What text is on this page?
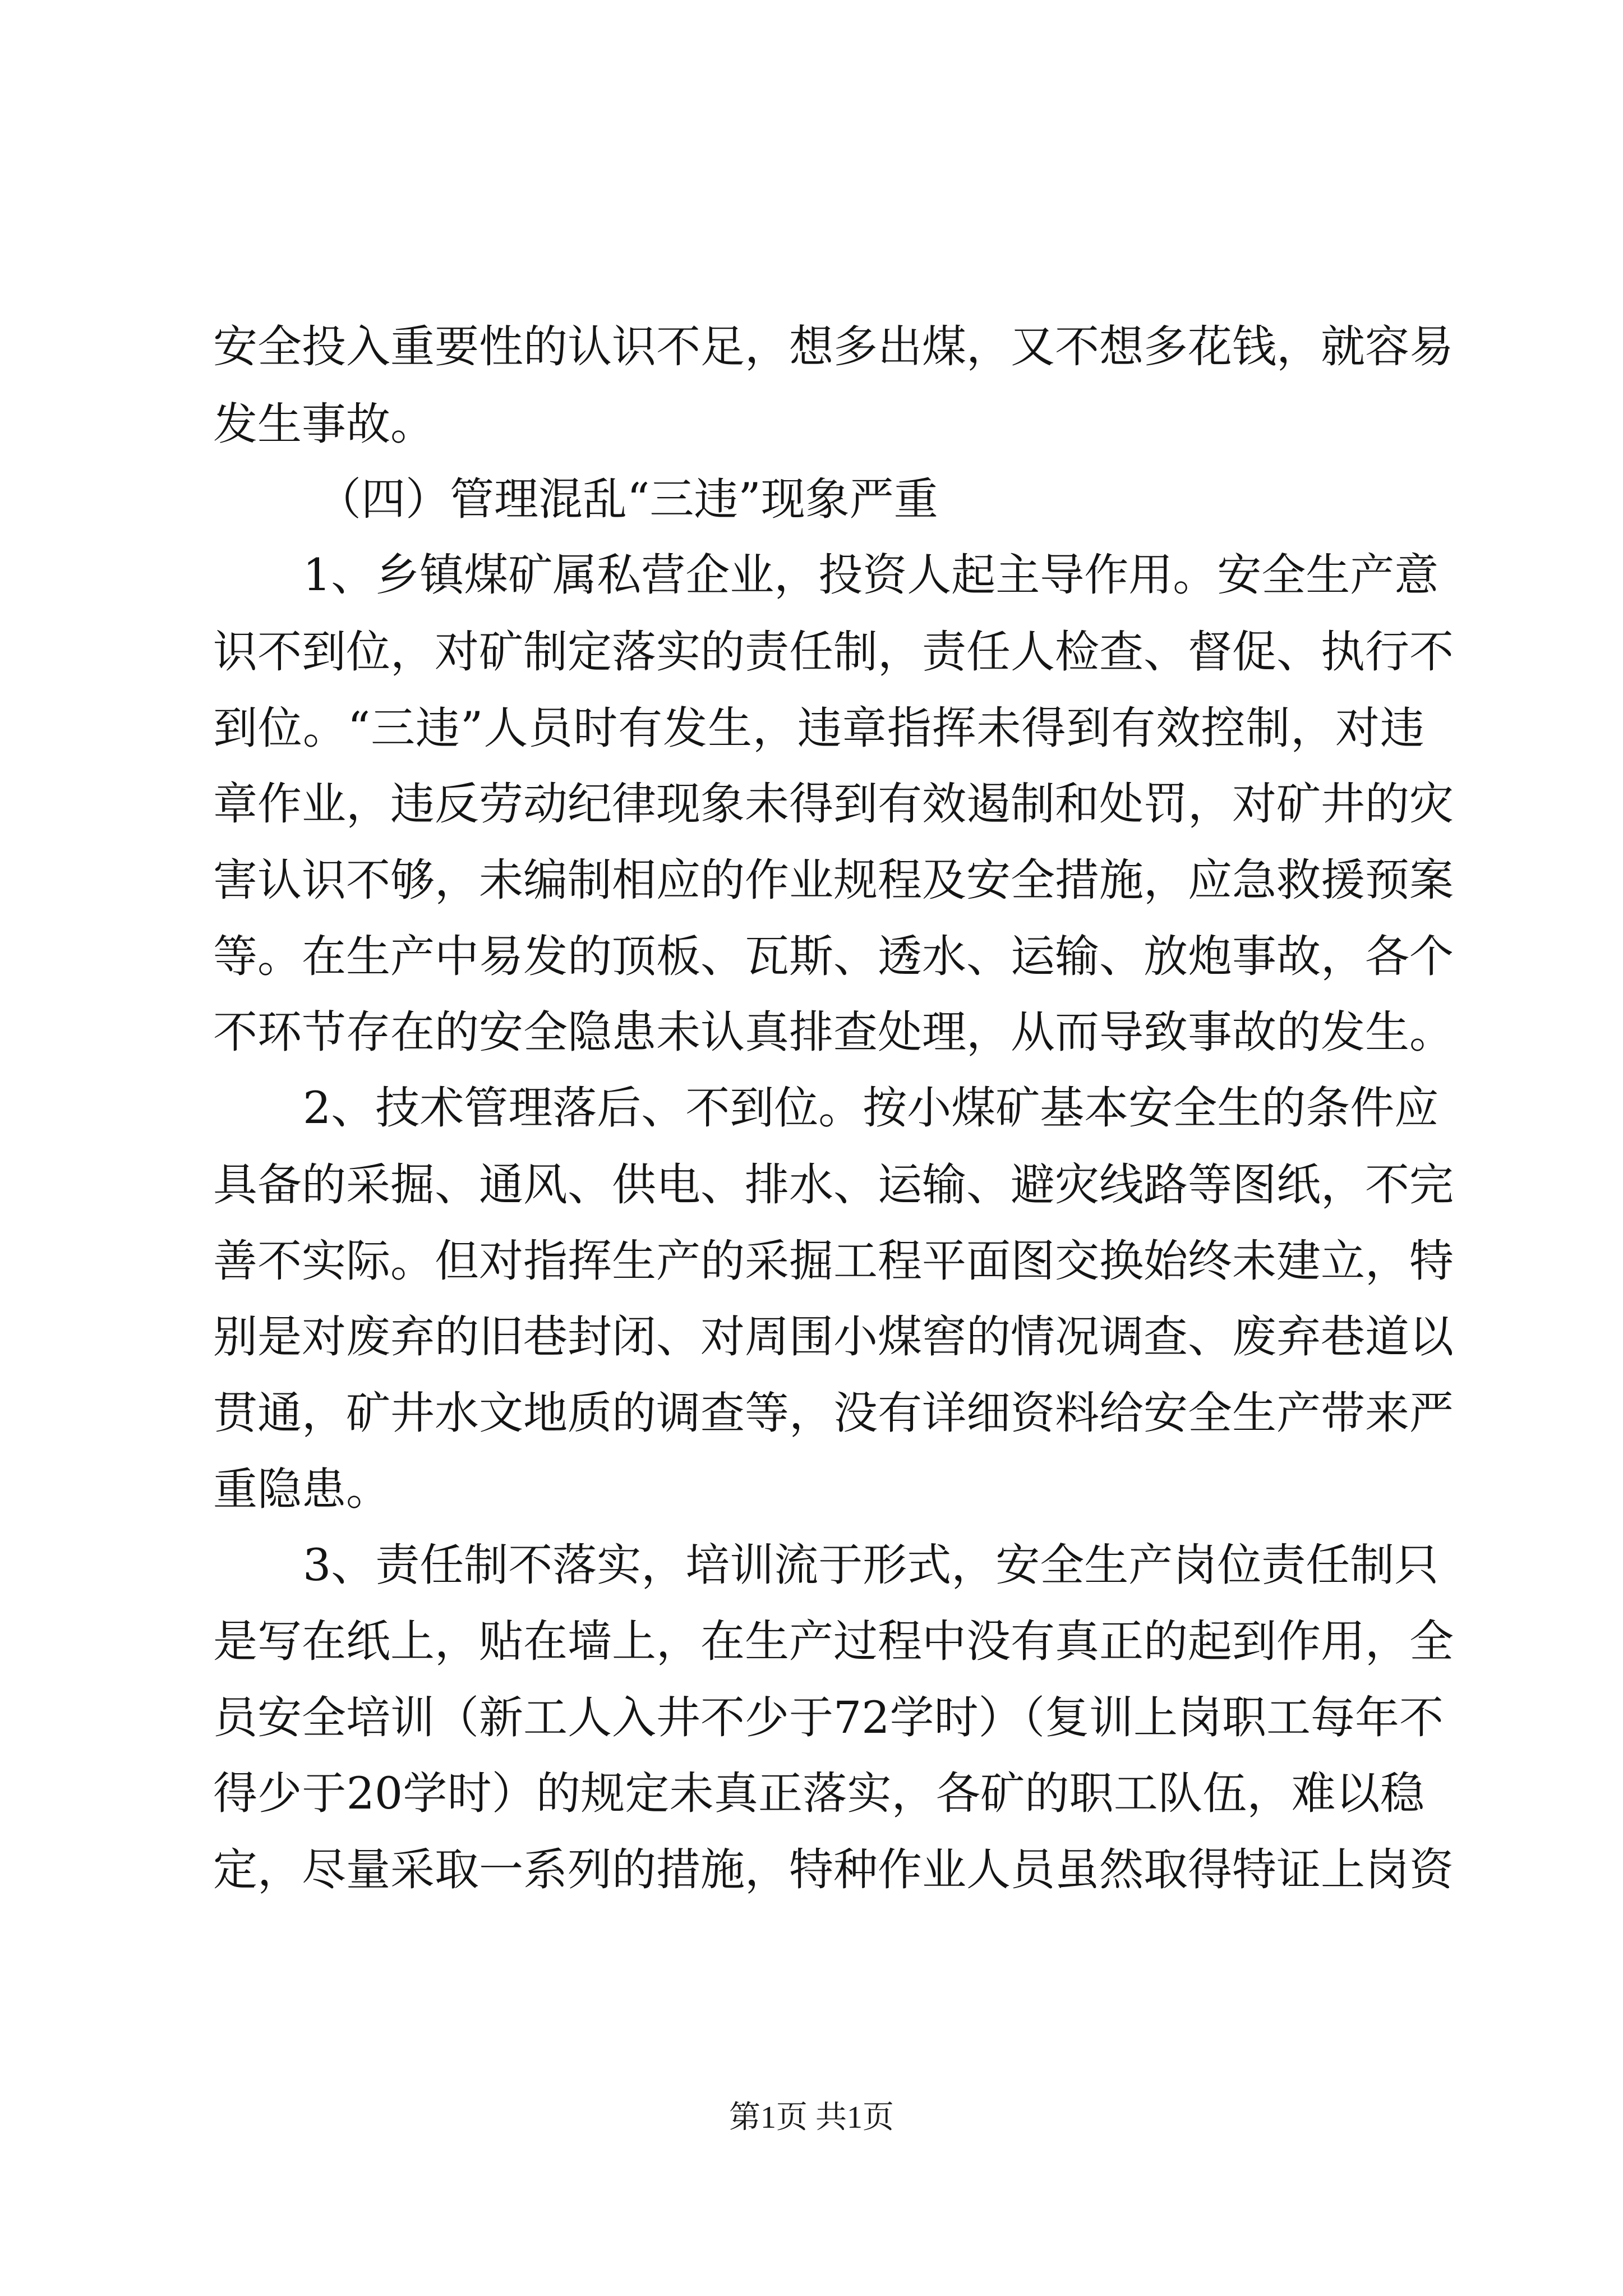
安全投入重要性的认识不足，想多出煤，又不想多花钱，就容易
发生事故。
（四）管理混乱“三违”现象严重
1、乡镇煤矿属私营企业，投资人起主导作用。安全生产意
识不到位，对矿制定落实的责任制，责任人检查、督促、执行不
到位。“三违”人员时有发生，违章指挥未得到有效控制，对违
章作业，违反劳动纪律现象未得到有效遏制和处罚，对矿井的灾
害认识不够，未编制相应的作业规程及安全措施，应急救援预案
等。在生产中易发的顶板、瓦斯、透水、运输、放炮事故，各个
不环节存在的安全隐患未认真排查处理，从而导致事故的发生。
2、技术管理落后、不到位。按小煤矿基本安全生的条件应
具备的采掘、通风、供电、排水、运输、避灾线路等图纸，不完
善不实际。但对指挥生产的采掘工程平面图交换始终未建立，特
别是对废弃的旧巷封闭、对周围小煤窖的情况调查、废弃巷道以
贯通，矿井水文地质的调查等，没有详细资料给安全生产带来严
重隐患。
3、责任制不落实，培训流于形式，安全生产岗位责任制只
是写在纸上，贴在墙上，在生产过程中没有真正的起到作用，全
员安全培训（新工人入井不少于72学时）（复训上岗职工每年不
得少于20学时）的规定未真正落实，各矿的职工队伍，难以稳
定，尽量采取一系列的措施，特种作业人员虽然取得特证上岗资
第1页 共1页
